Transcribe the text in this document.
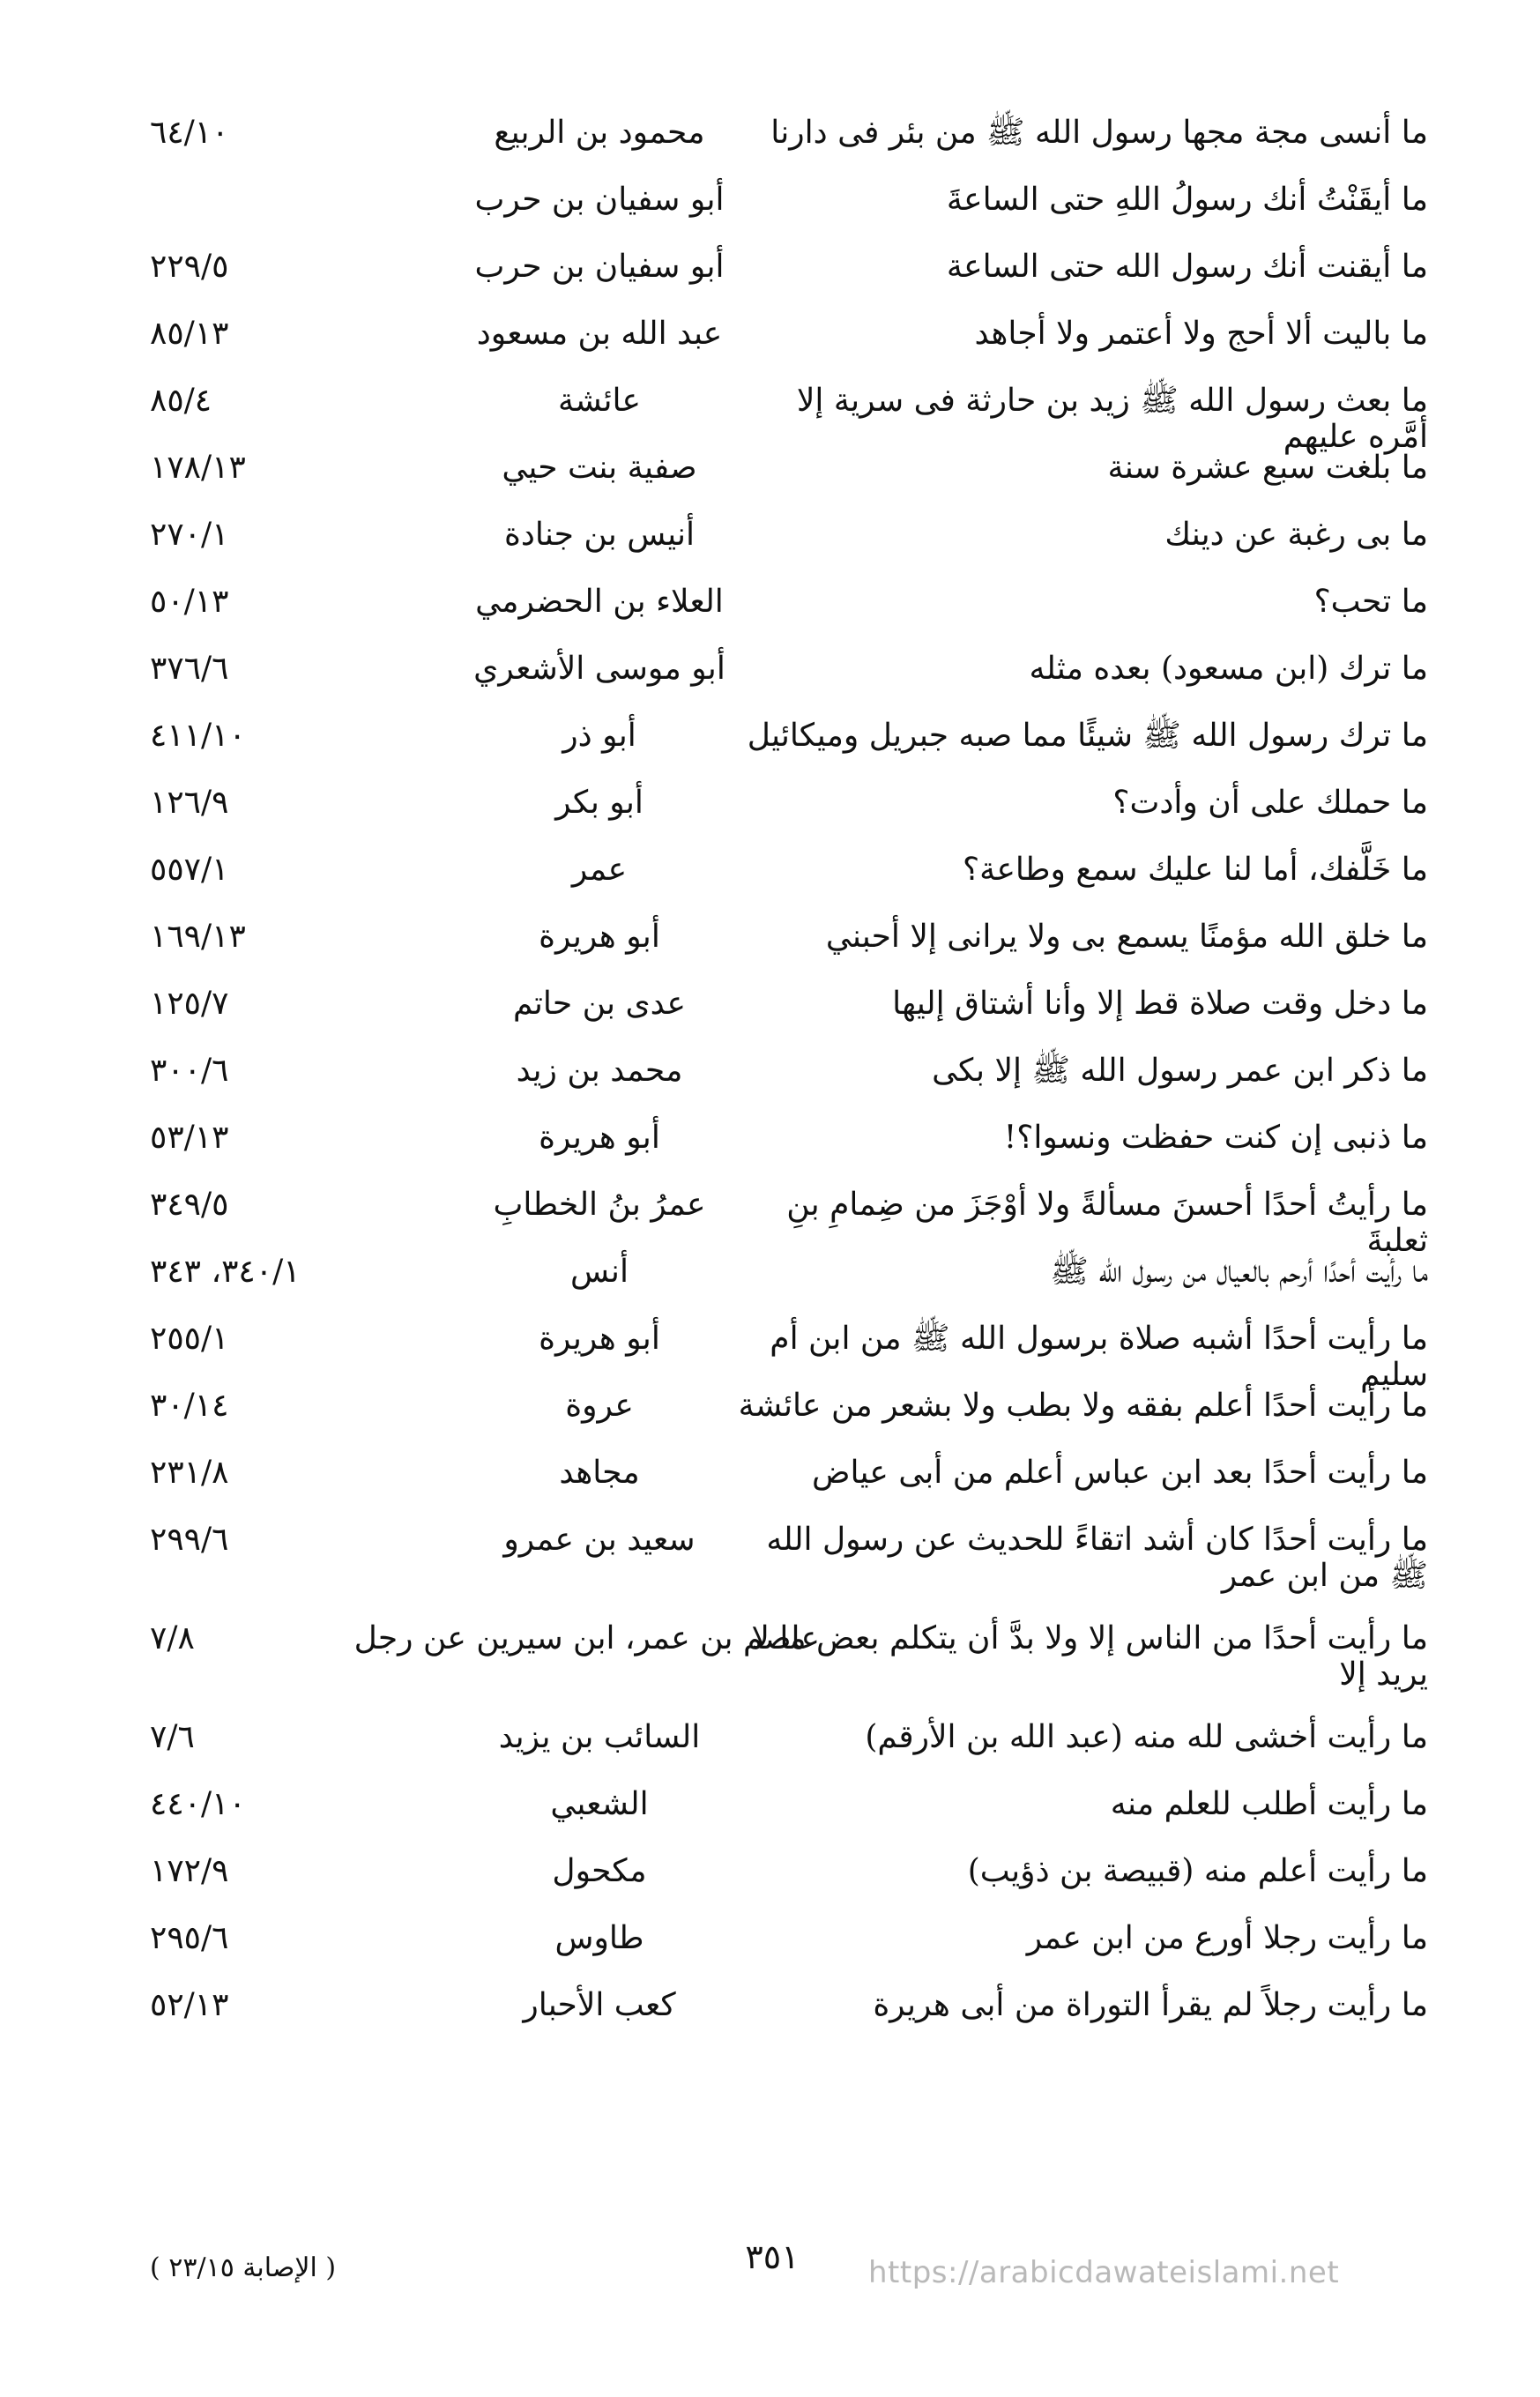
ما أنسى مجة مجها رسول الله ﷺ من بئر فى دارنا
محمود بن الربيع
٦٤/١٠
ما أيقَنْتُ أنك رسولُ اللهِ حتى الساعةَ
أبو سفيان بن حرب
ما أيقنت أنك رسول الله حتى الساعة
أبو سفيان بن حرب
٢٢٩/٥
ما باليت ألا أحج ولا أعتمر ولا أجاهد
عبد الله بن مسعود
٨٥/١٣
ما بعث رسول الله ﷺ زيد بن حارثة فى سرية إلا أمَّره عليهم
عائشة
٨٥/٤
ما بلغت سبع عشرة سنة
صفية بنت حيي
١٧٨/١٣
ما بى رغبة عن دينك
أنيس بن جنادة
٢٧٠/١
ما تحب؟
العلاء بن الحضرمي
٥٠/١٣
ما ترك (ابن مسعود) بعده مثله
أبو موسى الأشعري
٣٧٦/٦
ما ترك رسول الله ﷺ شيئًا مما صبه جبريل وميكائيل
أبو ذر
٤١١/١٠
ما حملك على أن وأدت؟
أبو بكر
١٢٦/٩
ما خَلَّفك، أما لنا عليك سمع وطاعة؟
عمر
٥٥٧/١
ما خلق الله مؤمنًا يسمع بى ولا يرانى إلا أحبني
أبو هريرة
١٦٩/١٣
ما دخل وقت صلاة قط إلا وأنا أشتاق إليها
عدى بن حاتم
١٢٥/٧
ما ذكر ابن عمر رسول الله ﷺ إلا بكى
محمد بن زيد
٣٠٠/٦
ما ذنبى إن كنت حفظت ونسوا؟!
أبو هريرة
٥٣/١٣
ما رأيتُ أحدًا أحسنَ مسألةً ولا أوْجَزَ من ضِمامِ بنِ ثعلبةَ
عمرُ بنُ الخطابِ
٣٤٩/٥
ما رأيت أحدًا أرحم بالعيال من رسول الله ﷺ
أنس
٣٤٠/١، ٣٤٣
ما رأيت أحدًا أشبه صلاة برسول الله ﷺ من ابن أم سليم
أبو هريرة
٢٥٥/١
ما رأيت أحدًا أعلم بفقه ولا بطب ولا بشعر من عائشة
عروة
٣٠/١٤
ما رأيت أحدًا بعد ابن عباس أعلم من أبى عياض
مجاهد
٢٣١/٨
ما رأيت أحدًا كان أشد اتقاءً للحديث عن رسول الله ﷺ من ابن عمر
سعيد بن عمرو
٢٩٩/٦
ما رأيت أحدًا من الناس إلا ولا بدَّ أن يتكلم بعض ما لا يريد إلا
عاصم بن عمر، ابن سيرين عن رجل
٧/٨
ما رأيت أخشى لله منه (عبد الله بن الأرقم)
السائب بن يزيد
٧/٦
ما رأيت أطلب للعلم منه
الشعبي
٤٤٠/١٠
ما رأيت أعلم منه (قبيصة بن ذؤيب)
مكحول
١٧٢/٩
ما رأيت رجلا أورع من ابن عمر
طاوس
٢٩٥/٦
ما رأيت رجلاً لم يقرأ التوراة من أبى هريرة
كعب الأحبار
٥٢/١٣
( الإصابة ٢٣/١٥ )	٣٥١ https://arabicdawateislami.net
